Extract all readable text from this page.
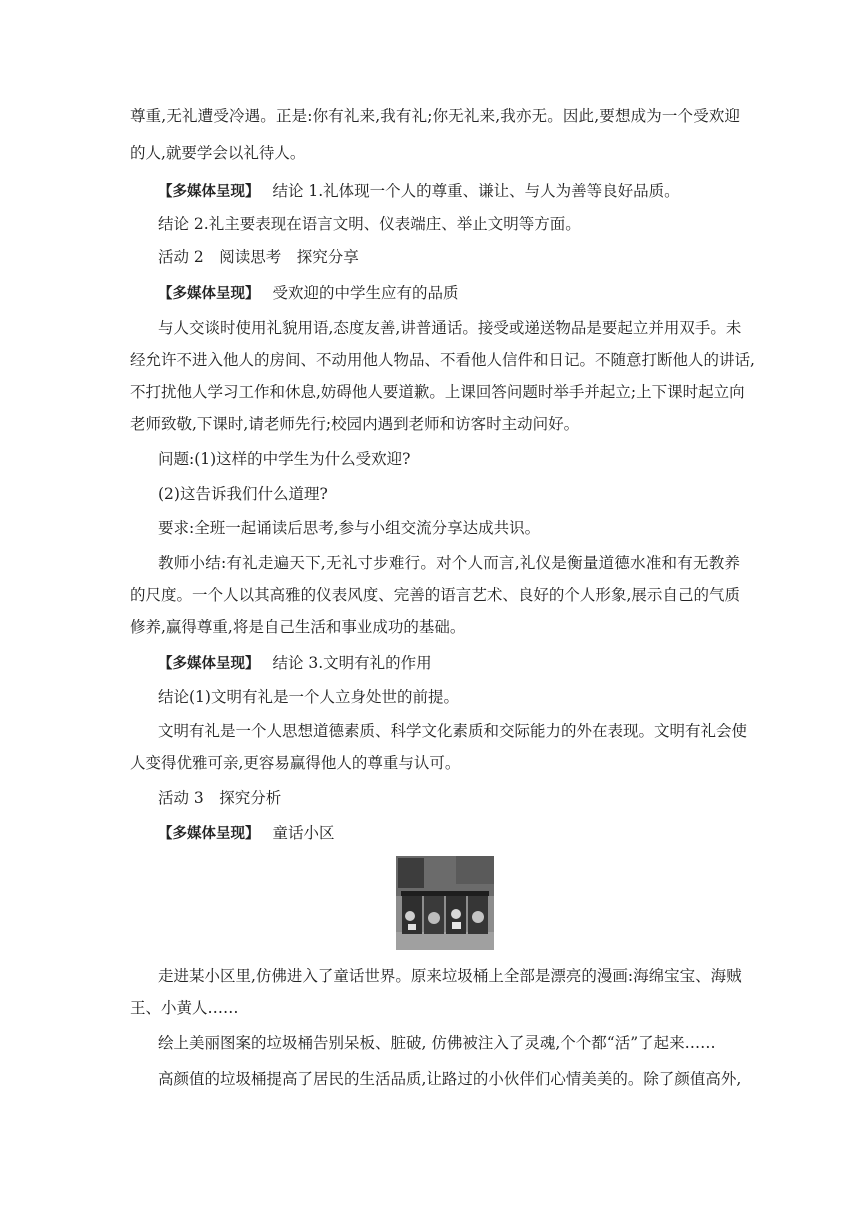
尊重,无礼遭受冷遇。正是:你有礼来,我有礼;你无礼来,我亦无。因此,要想成为一个受欢迎
的人,就要学会以礼待人。
【多媒体呈现】 结论 1.礼体现一个人的尊重、谦让、与人为善等良好品质。
结论 2.礼主要表现在语言文明、仪表端庄、举止文明等方面。
活动 2　阅读思考　探究分享
【多媒体呈现】 受欢迎的中学生应有的品质
与人交谈时使用礼貌用语,态度友善,讲普通话。接受或递送物品是要起立并用双手。未
经允许不进入他人的房间、不动用他人物品、不看他人信件和日记。不随意打断他人的讲话,
不打扰他人学习工作和休息,妨碍他人要道歉。上课回答问题时举手并起立;上下课时起立向
老师致敬,下课时,请老师先行;校园内遇到老师和访客时主动问好。
问题:(1)这样的中学生为什么受欢迎?
(2)这告诉我们什么道理?
要求:全班一起诵读后思考,参与小组交流分享达成共识。
教师小结:有礼走遍天下,无礼寸步难行。对个人而言,礼仪是衡量道德水准和有无教养
的尺度。一个人以其高雅的仪表风度、完善的语言艺术、良好的个人形象,展示自己的气质
修养,赢得尊重,将是自己生活和事业成功的基础。
【多媒体呈现】 结论 3.文明有礼的作用
结论(1)文明有礼是一个人立身处世的前提。
文明有礼是一个人思想道德素质、科学文化素质和交际能力的外在表现。文明有礼会使
人变得优雅可亲,更容易赢得他人的尊重与认可。
活动 3　探究分析
【多媒体呈现】 童话小区
走进某小区里,仿佛进入了童话世界。原来垃圾桶上全部是漂亮的漫画:海绵宝宝、海贼
王、小黄人……
绘上美丽图案的垃圾桶告别呆板、脏破, 仿佛被注入了灵魂,个个都“活”了起来……
高颜值的垃圾桶提高了居民的生活品质,让路过的小伙伴们心情美美的。除了颜值高外,
